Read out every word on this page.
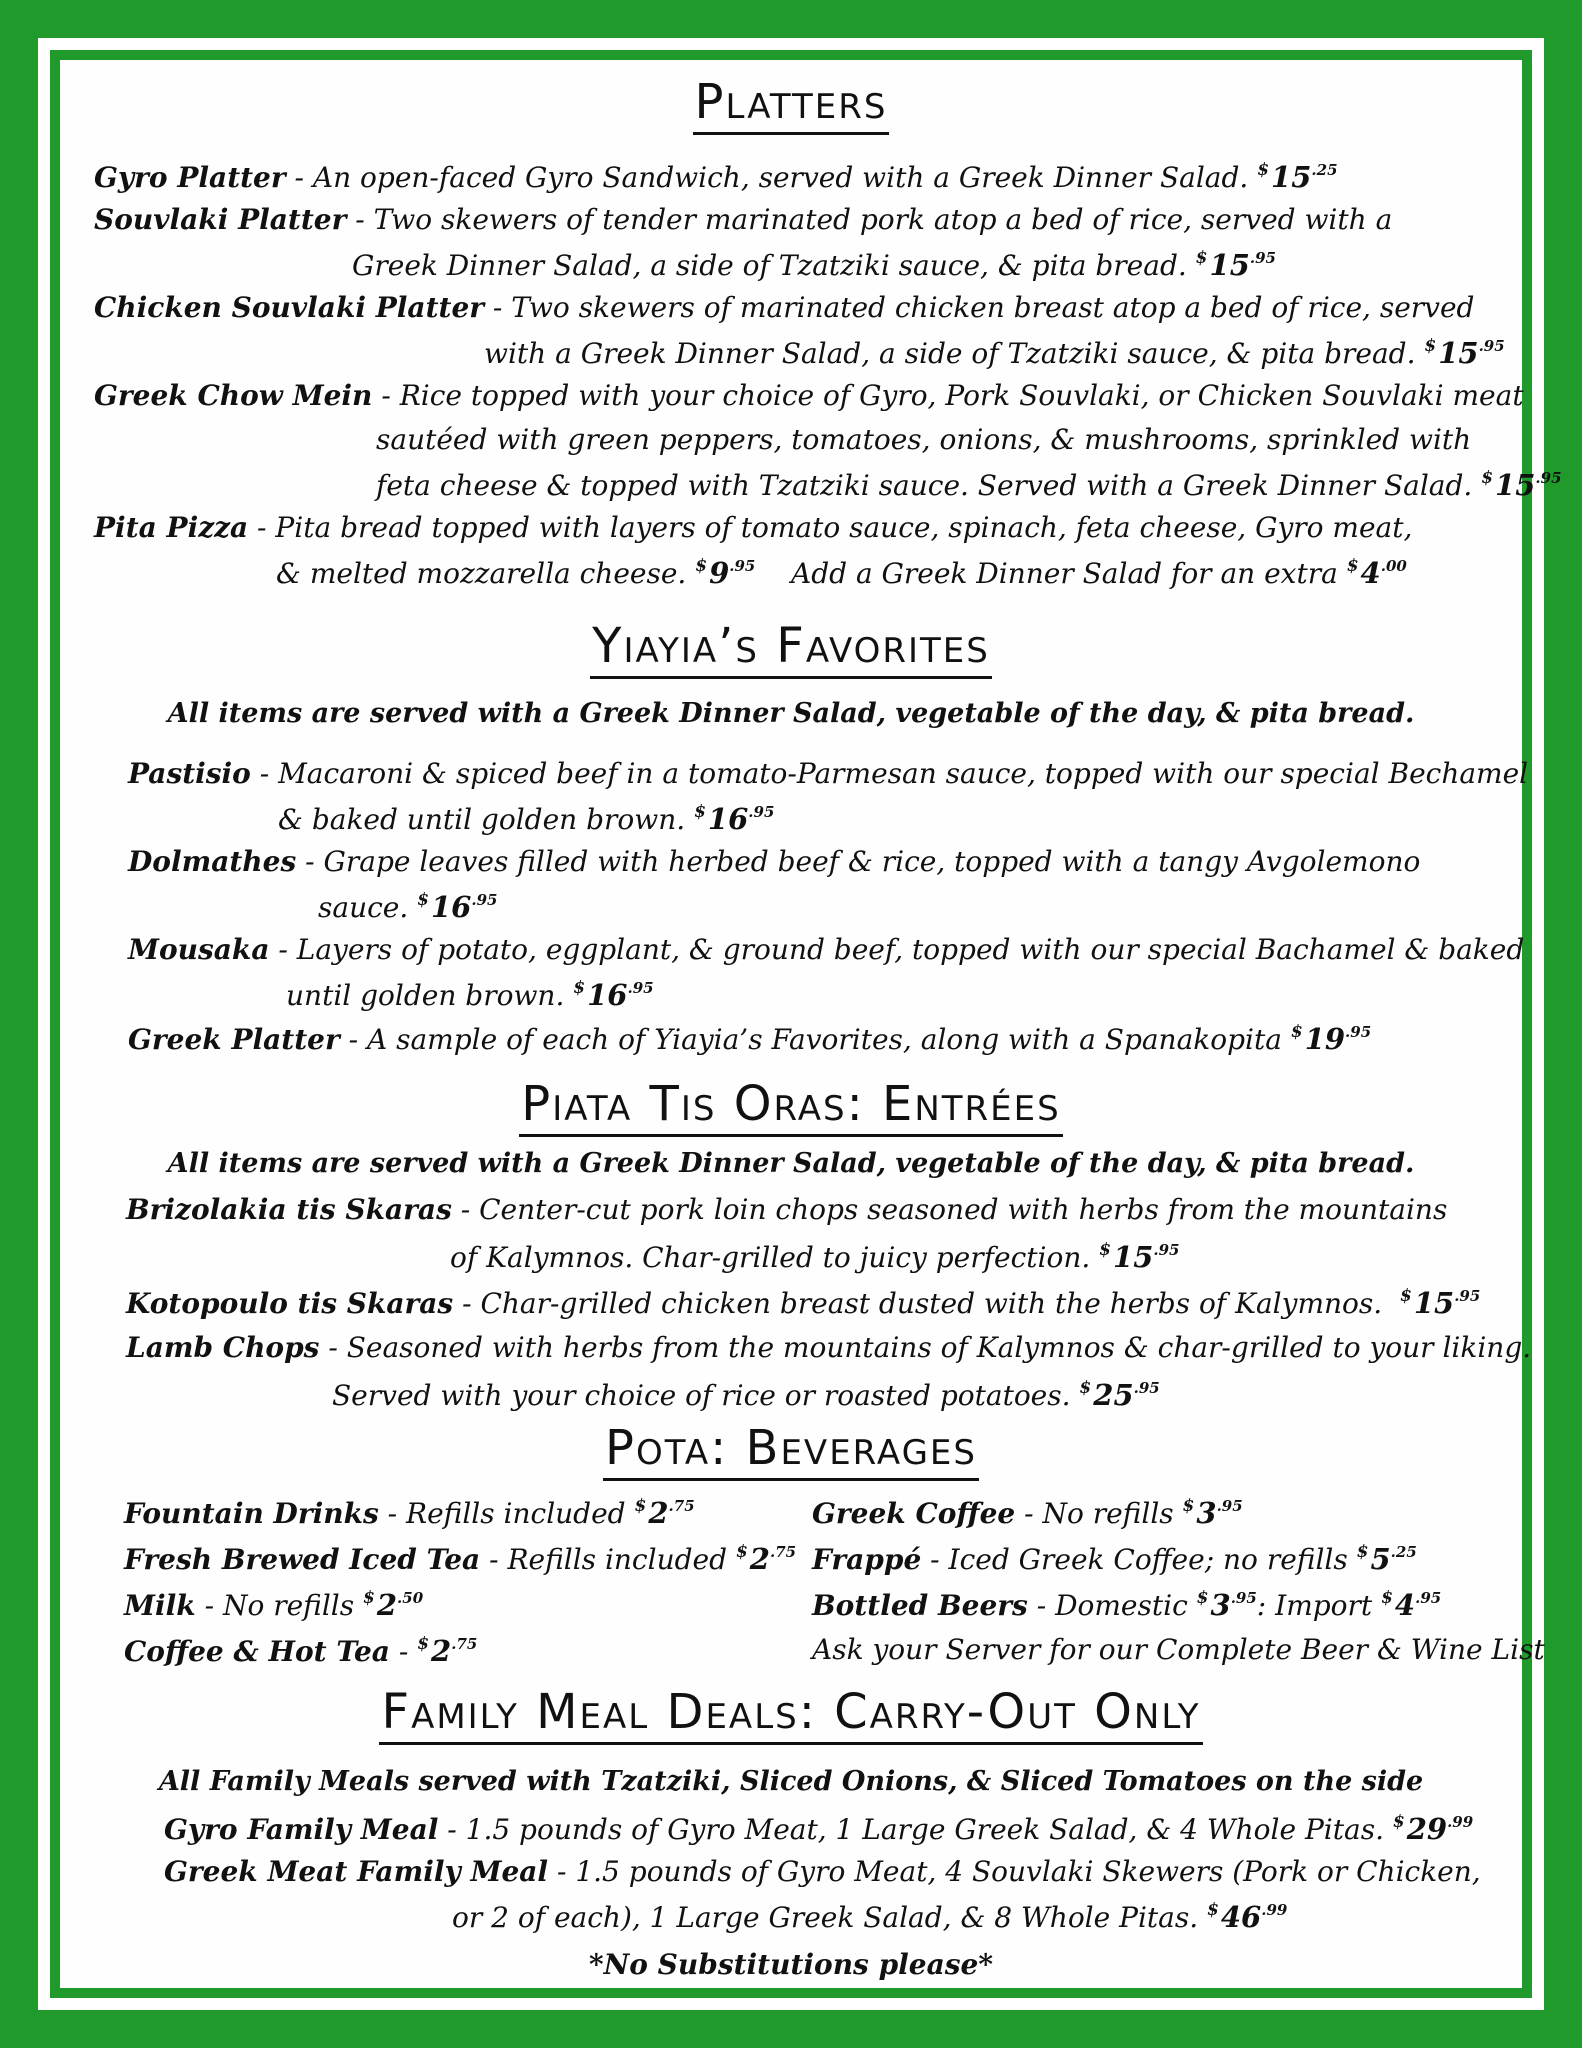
Platters
Gyro Platter - An open-faced Gyro Sandwich, served with a Greek Dinner Salad. $^{\$}15^{.25}$
Souvlaki Platter - Two skewers of tender marinated pork atop a bed of rice, served with a
Greek Dinner Salad, a side of Tzatziki sauce, & pita bread. $^{\$}15^{.95}$
Chicken Souvlaki Platter - Two skewers of marinated chicken breast atop a bed of rice, served
with a Greek Dinner Salad, a side of Tzatziki sauce, & pita bread. $^{\$}15^{.95}$
Greek Chow Mein - Rice topped with your choice of Gyro, Pork Souvlaki, or Chicken Souvlaki meat
sautéed with green peppers, tomatoes, onions, & mushrooms, sprinkled with
feta cheese & topped with Tzatziki sauce. Served with a Greek Dinner Salad. $^{\$}15^{.95}$
Pita Pizza - Pita bread topped with layers of tomato sauce, spinach, feta cheese, Gyro meat,
& melted mozzarella cheese. $^{\$}9^{.95}$ Add a Greek Dinner Salad for an extra $^{\$}4^{.00}$
Yiayia’s Favorites
All items are served with a Greek Dinner Salad, vegetable of the day, & pita bread.
Pastisio - Macaroni & spiced beef in a tomato-Parmesan sauce, topped with our special Bechamel
& baked until golden brown. $^{\$}16^{.95}$
Dolmathes - Grape leaves filled with herbed beef & rice, topped with a tangy Avgolemono
sauce. $^{\$}16^{.95}$
Mousaka - Layers of potato, eggplant, & ground beef, topped with our special Bachamel & baked
until golden brown. $^{\$}16^{.95}$
Greek Platter - A sample of each of Yiayia’s Favorites, along with a Spanakopita $^{\$}19^{.95}$
Piata Tis Oras: Entrées
All items are served with a Greek Dinner Salad, vegetable of the day, & pita bread.
Brizolakia tis Skaras - Center-cut pork loin chops seasoned with herbs from the mountains
of Kalymnos. Char-grilled to juicy perfection. $^{\$}15^{.95}$
Kotopoulo tis Skaras - Char-grilled chicken breast dusted with the herbs of Kalymnos. $^{\$}15^{.95}$
Lamb Chops - Seasoned with herbs from the mountains of Kalymnos & char-grilled to your liking.
Served with your choice of rice or roasted potatoes. $^{\$}25^{.95}$
Pota: Beverages
Fountain Drinks - Refills included $^{\$}2^{.75}$
Fresh Brewed Iced Tea - Refills included $^{\$}2^{.75}$
Milk - No refills $^{\$}2^{.50}$
Coffee & Hot Tea - $^{\$}2^{.75}$
Greek Coffee - No refills $^{\$}3^{.95}$
Frappé - Iced Greek Coffee; no refills $^{\$}5^{.25}$
Bottled Beers - Domestic $^{\$}3^{.95}$: Import $^{\$}4^{.95}$
Ask your Server for our Complete Beer & Wine List
Family Meal Deals: Carry-Out Only
All Family Meals served with Tzatziki, Sliced Onions, & Sliced Tomatoes on the side
Gyro Family Meal - 1.5 pounds of Gyro Meat, 1 Large Greek Salad, & 4 Whole Pitas. $^{\$}29^{.99}$
Greek Meat Family Meal - 1.5 pounds of Gyro Meat, 4 Souvlaki Skewers (Pork or Chicken,
or 2 of each), 1 Large Greek Salad, & 8 Whole Pitas. $^{\$}46^{.99}$
*No Substitutions please*
